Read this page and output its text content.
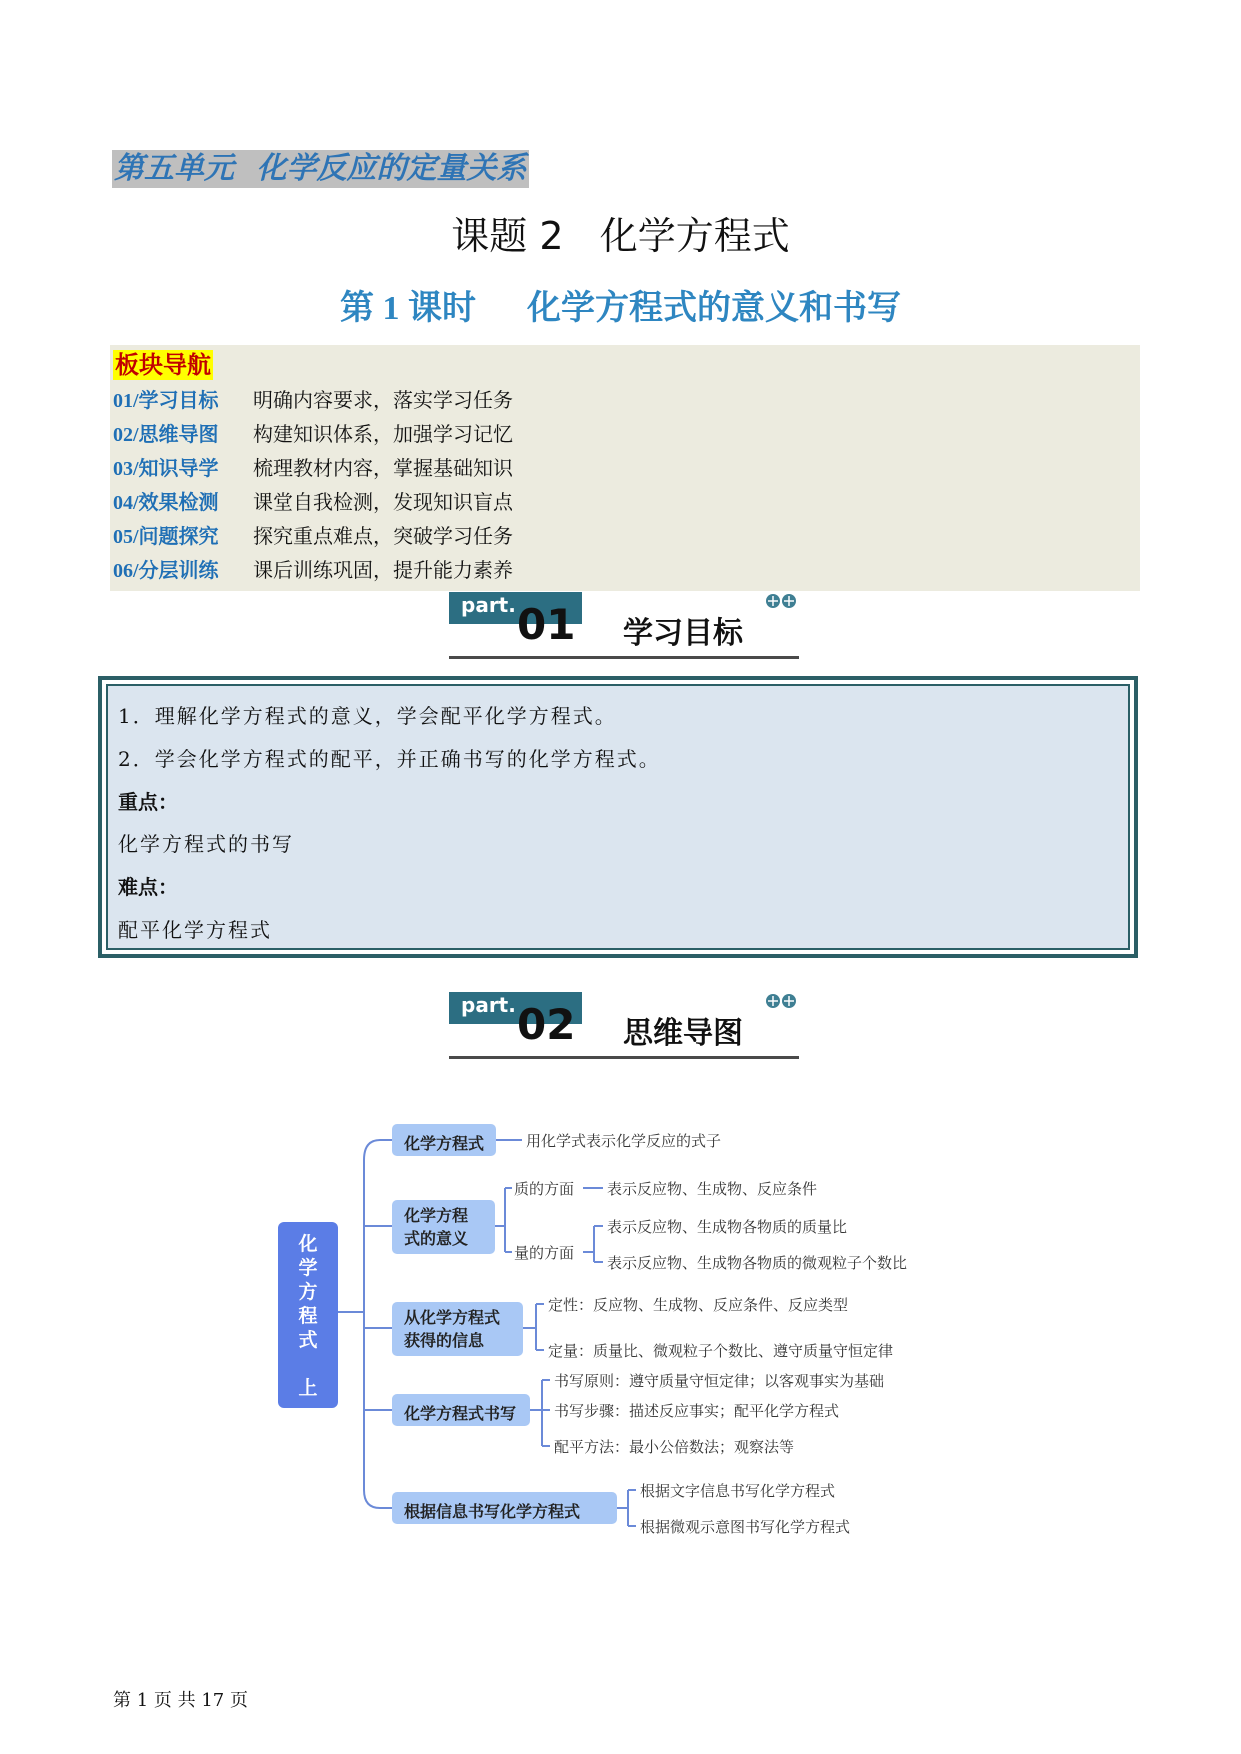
第五单元   化学反应的定量关系
课题 2   化学方程式
第 1 课时      化学方程式的意义和书写
板块导航
01/学习目标 明确内容要求，落实学习任务
02/思维导图 构建知识体系，加强学习记忆
03/知识导学 梳理教材内容，掌握基础知识
04/效果检测 课堂自我检测，发现知识盲点
05/问题探究 探究重点难点，突破学习任务
06/分层训练 课后训练巩固，提升能力素养
part. 01 学习目标
1．理解化学方程式的意义，学会配平化学方程式。
2．学会化学方程式的配平，并正确书写的化学方程式。
重点：
化学方程式的书写
难点：
配平化学方程式
part. 02 思维导图
化
学
方
程
式
上
化学方程式
化学方程
式的意义
从化学方程式
获得的信息
化学方程式书写
根据信息书写化学方程式
用化学式表示化学反应的式子
质的方面 表示反应物、生成物、反应条件
量的方面
表示反应物、生成物各物质的质量比
表示反应物、生成物各物质的微观粒子个数比
定性：反应物、生成物、反应条件、反应类型
定量：质量比、微观粒子个数比、遵守质量守恒定律
书写原则：遵守质量守恒定律；以客观事实为基础
书写步骤：描述反应事实；配平化学方程式
配平方法：最小公倍数法；观察法等
根据文字信息书写化学方程式
根据微观示意图书写化学方程式
第 1 页 共 17 页
